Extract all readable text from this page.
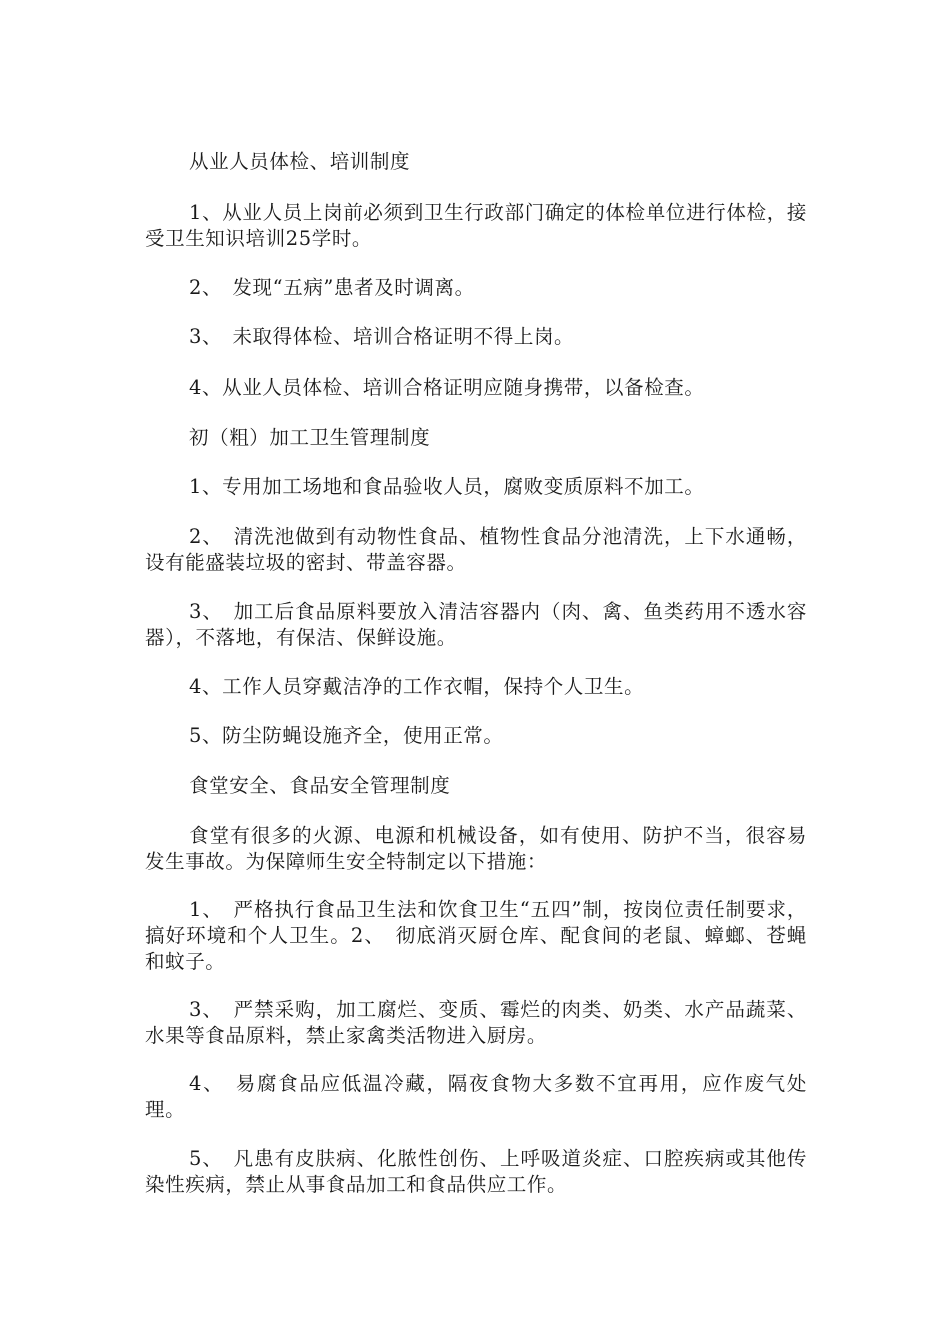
从业人员体检、培训制度

1、从业人员上岗前必须到卫生行政部门确定的体检单位进行体检，接受卫生知识培训25学时。

2、　发现“五病”患者及时调离。

3、　未取得体检、培训合格证明不得上岗。

4、从业人员体检、培训合格证明应随身携带，以备检查。

初（粗）加工卫生管理制度

1、专用加工场地和食品验收人员，腐败变质原料不加工。

2、　清洗池做到有动物性食品、植物性食品分池清洗，上下水通畅，设有能盛装垃圾的密封、带盖容器。

3、　加工后食品原料要放入清洁容器内（肉、禽、鱼类药用不透水容器），不落地，有保洁、保鲜设施。

4、工作人员穿戴洁净的工作衣帽，保持个人卫生。

5、防尘防蝇设施齐全，使用正常。

食堂安全、食品安全管理制度

食堂有很多的火源、电源和机械设备，如有使用、防护不当，很容易发生事故。为保障师生安全特制定以下措施：

1、　严格执行食品卫生法和饮食卫生“五四”制，按岗位责任制要求，搞好环境和个人卫生。2、　彻底消灭厨仓库、配食间的老鼠、蟑螂、苍蝇和蚊子。

3、　严禁采购，加工腐烂、变质、霉烂的肉类、奶类、水产品蔬菜、水果等食品原料，禁止家禽类活物进入厨房。

4、　易腐食品应低温冷藏，隔夜食物大多数不宜再用，应作废气处理。

5、　凡患有皮肤病、化脓性创伤、上呼吸道炎症、口腔疾病或其他传染性疾病，禁止从事食品加工和食品供应工作。
